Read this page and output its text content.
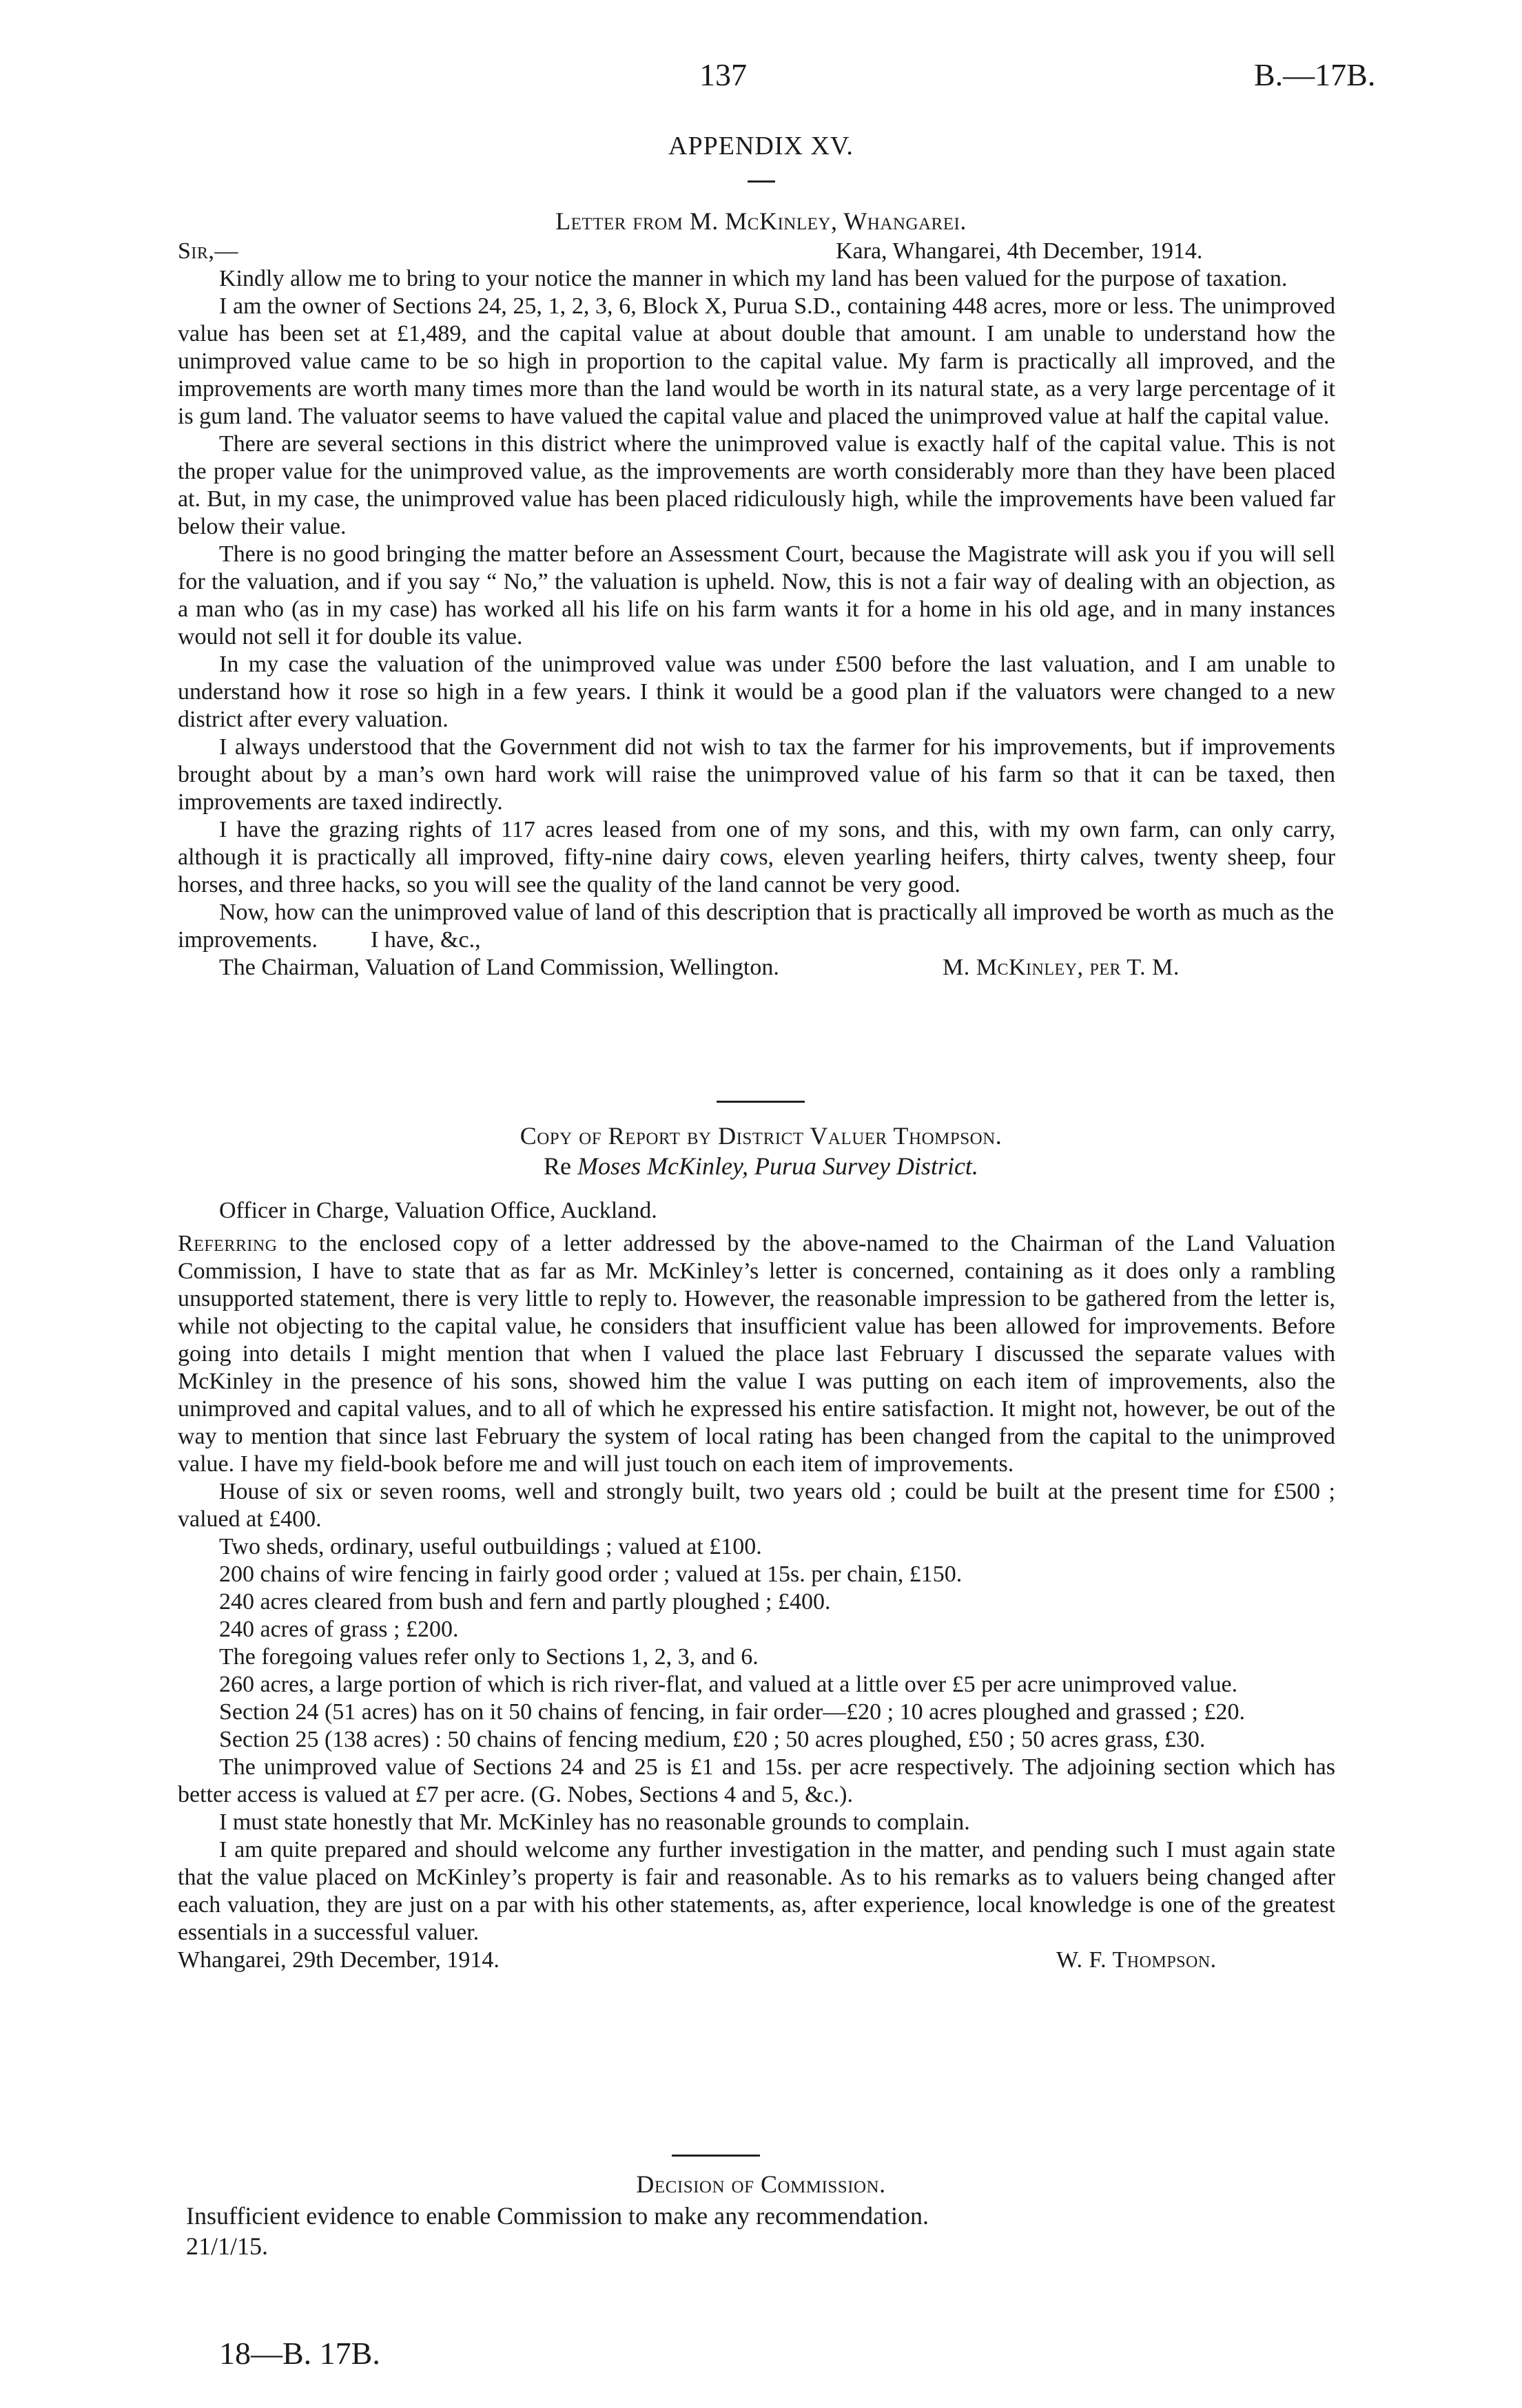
137	B.—17B.
APPENDIX XV.
Letter from M. McKinley, Whangarei.

Sir,—	Kara, Whangarei, 4th December, 1914.

Kindly allow me to bring to your notice the manner in which my land has been valued for the purpose of taxation.

I am the owner of Sections 24, 25, 1, 2, 3, 6, Block X, Purua S.D., containing 448 acres, more or less. The unimproved value has been set at £1,489, and the capital value at about double that amount. I am unable to understand how the unimproved value came to be so high in proportion to the capital value. My farm is practically all improved, and the improvements are worth many times more than the land would be worth in its natural state, as a very large percentage of it is gum land. The valuator seems to have valued the capital value and placed the unimproved value at half the capital value.

There are several sections in this district where the unimproved value is exactly half of the capital value. This is not the proper value for the unimproved value, as the improvements are worth considerably more than they have been placed at. But, in my case, the unimproved value has been placed ridiculously high, while the improvements have been valued far below their value.

There is no good bringing the matter before an Assessment Court, because the Magistrate will ask you if you will sell for the valuation, and if you say “ No,” the valuation is upheld. Now, this is not a fair way of dealing with an objection, as a man who (as in my case) has worked all his life on his farm wants it for a home in his old age, and in many instances would not sell it for double its value.

In my case the valuation of the unimproved value was under £500 before the last valuation, and I am unable to understand how it rose so high in a few years. I think it would be a good plan if the valuators were changed to a new district after every valuation.

I always understood that the Government did not wish to tax the farmer for his improvements, but if improvements brought about by a man’s own hard work will raise the unimproved value of his farm so that it can be taxed, then improvements are taxed indirectly.

I have the grazing rights of 117 acres leased from one of my sons, and this, with my own farm, can only carry, although it is practically all improved, fifty-nine dairy cows, eleven yearling heifers, thirty calves, twenty sheep, four horses, and three hacks, so you will see the quality of the land cannot be very good.

Now, how can the unimproved value of land of this description that is practically all improved be worth as much as the improvements. I have, &c.,

The Chairman, Valuation of Land Commission, Wellington.	M. McKinley, per T. M.
Copy of Report by District Valuer Thompson.
Re Moses McKinley, Purua Survey District.

Officer in Charge, Valuation Office, Auckland.

Referring to the enclosed copy of a letter addressed by the above-named to the Chairman of the Land Valuation Commission, I have to state that as far as Mr. McKinley’s letter is concerned, containing as it does only a rambling unsupported statement, there is very little to reply to. However, the reasonable impression to be gathered from the letter is, while not objecting to the capital value, he considers that insufficient value has been allowed for improvements. Before going into details I might mention that when I valued the place last February I discussed the separate values with McKinley in the presence of his sons, showed him the value I was putting on each item of improvements, also the unimproved and capital values, and to all of which he expressed his entire satisfaction. It might not, however, be out of the way to mention that since last February the system of local rating has been changed from the capital to the unimproved value. I have my field-book before me and will just touch on each item of improvements.

House of six or seven rooms, well and strongly built, two years old ; could be built at the present time for £500 ; valued at £400.

Two sheds, ordinary, useful outbuildings ; valued at £100.

200 chains of wire fencing in fairly good order ; valued at 15s. per chain, £150.

240 acres cleared from bush and fern and partly ploughed ; £400.

240 acres of grass ; £200.

The foregoing values refer only to Sections 1, 2, 3, and 6.

260 acres, a large portion of which is rich river-flat, and valued at a little over £5 per acre unimproved value.

Section 24 (51 acres) has on it 50 chains of fencing, in fair order—£20 ; 10 acres ploughed and grassed ; £20.

Section 25 (138 acres) : 50 chains of fencing medium, £20 ; 50 acres ploughed, £50 ; 50 acres grass, £30.

The unimproved value of Sections 24 and 25 is £1 and 15s. per acre respectively. The adjoining section which has better access is valued at £7 per acre. (G. Nobes, Sections 4 and 5, &c.).

I must state honestly that Mr. McKinley has no reasonable grounds to complain.

I am quite prepared and should welcome any further investigation in the matter, and pending such I must again state that the value placed on McKinley’s property is fair and reasonable. As to his remarks as to valuers being changed after each valuation, they are just on a par with his other statements, as, after experience, local knowledge is one of the greatest essentials in a successful valuer.

Whangarei, 29th December, 1914.	W. F. Thompson.
Decision of Commission.
Insufficient evidence to enable Commission to make any recommendation.
21/1/15.
18—B. 17B.
